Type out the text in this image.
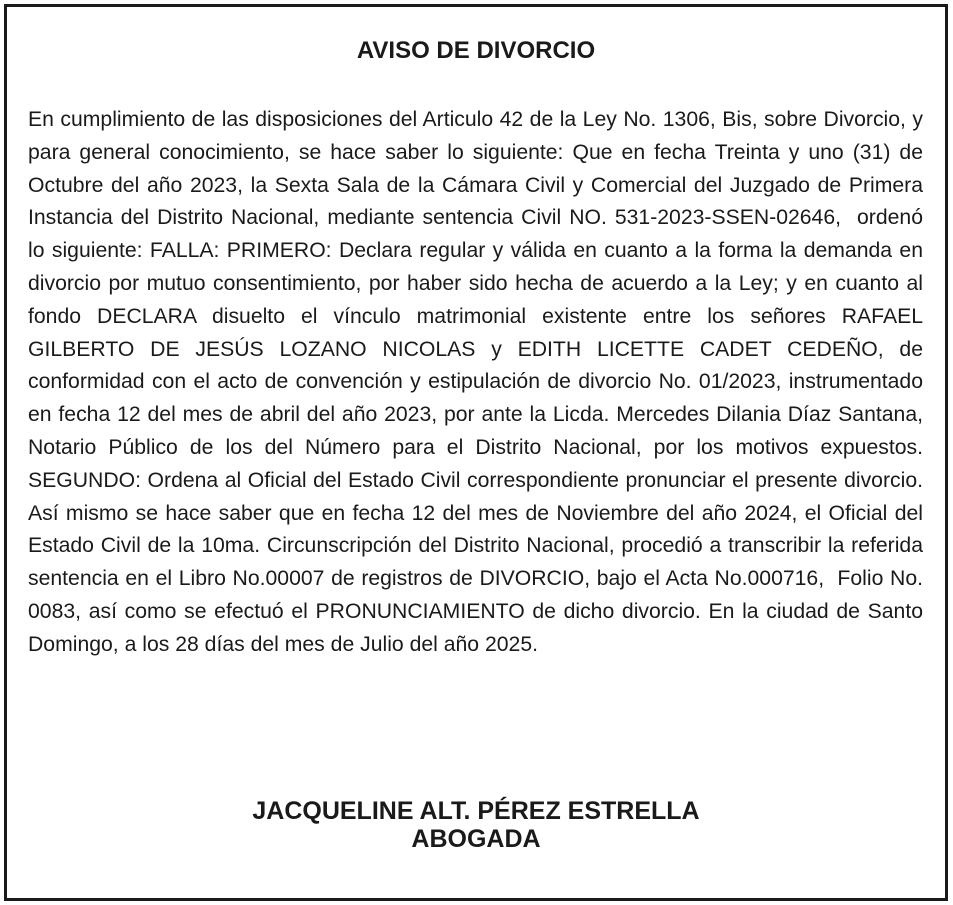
AVISO DE DIVORCIO

En cumplimiento de las disposiciones del Articulo 42 de la Ley No. 1306, Bis, sobre Divorcio, y para general conocimiento, se hace saber lo siguiente: Que en fecha Treinta y uno (31) de Octubre del año 2023, la Sexta Sala de la Cámara Civil y Comercial del Juzgado de Primera Instancia del Distrito Nacional, mediante sentencia Civil NO. 531-2023-SSEN-02646,  ordenó lo siguiente: FALLA: PRIMERO: Declara regular y válida en cuanto a la forma la demanda en divorcio por mutuo consentimiento, por haber sido hecha de acuerdo a la Ley; y en cuanto al fondo DECLARA disuelto el vínculo matrimonial existente entre los señores RAFAEL GILBERTO DE JESÚS LOZANO NICOLAS y EDITH LICETTE CADET CEDEÑO, de conformidad con el acto de convención y estipulación de divorcio No. 01/2023, instrumentado en fecha 12 del mes de abril del año 2023, por ante la Licda. Mercedes Dilania Díaz Santana, Notario Público de los del Número para el Distrito Nacional, por los motivos expuestos. SEGUNDO: Ordena al Oficial del Estado Civil correspondiente pronunciar el presente divorcio. Así mismo se hace saber que en fecha 12 del mes de Noviembre del año 2024, el Oficial del Estado Civil de la 10ma. Circunscripción del Distrito Nacional, procedió a transcribir la referida sentencia en el Libro No.00007 de registros de DIVORCIO, bajo el Acta No.000716,  Folio No. 0083, así como se efectuó el PRONUNCIAMIENTO de dicho divorcio. En la ciudad de Santo Domingo, a los 28 días del mes de Julio del año 2025.

JACQUELINE ALT. PÉREZ ESTRELLA
ABOGADA
